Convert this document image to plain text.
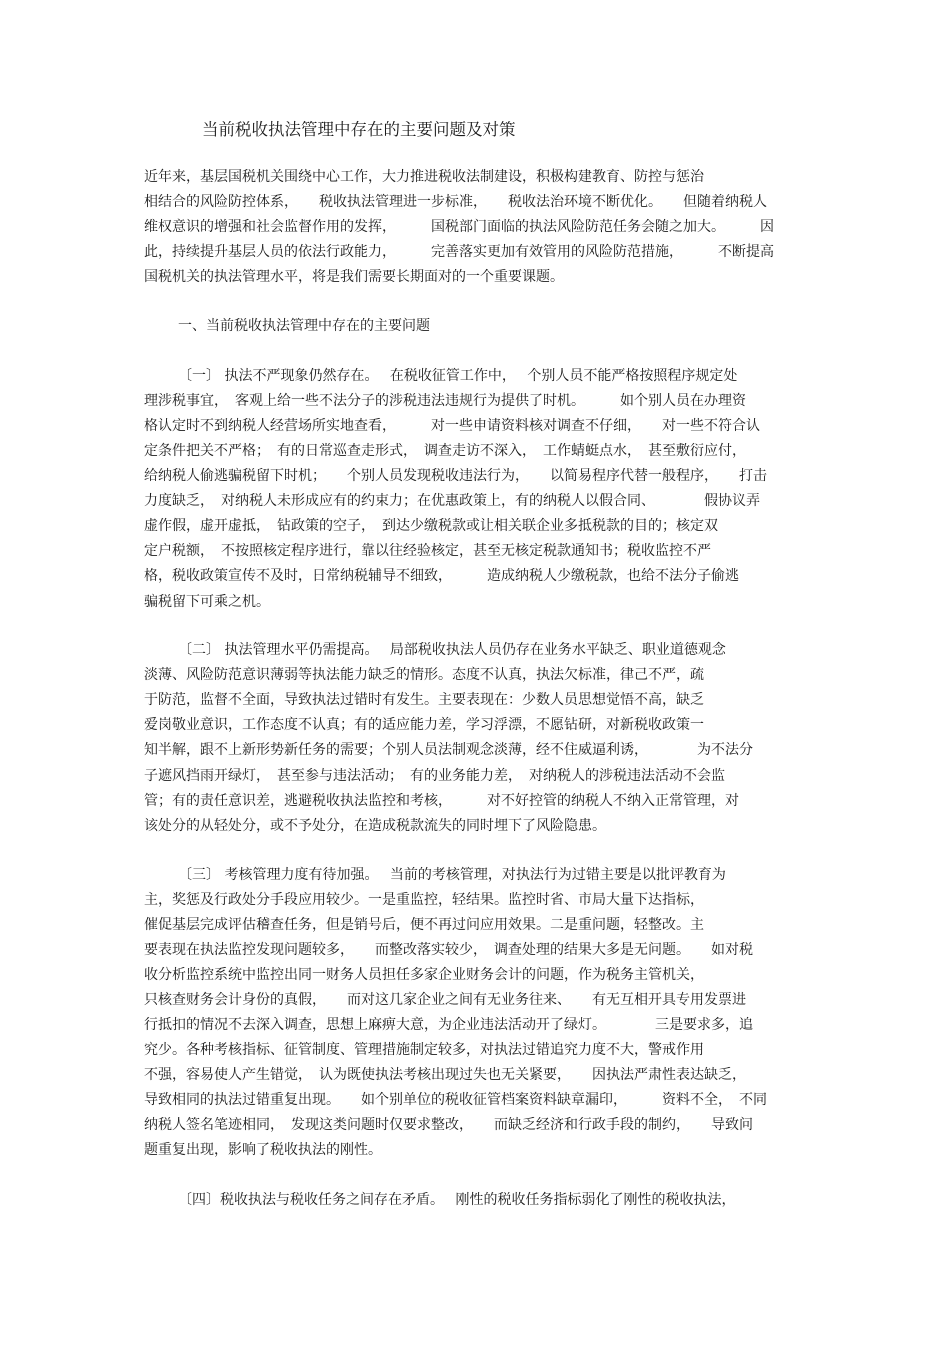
当前税收执法管理中存在的主要问题及对策
近年来，基层国税机关围绕中心工作，大力推进税收法制建设，积极构建教育、防控与惩治
相结合的风险防控体系，　　税收执法管理进一步标准，　　税收法治环境不断优化。　　但随着纳税人
维权意识的增强和社会监督作用的发挥，　　　国税部门面临的执法风险防范任务会随之加大。　　　因
此，持续提升基层人员的依法行政能力，　　　完善落实更加有效管用的风险防范措施，　　　不断提高
国税机关的执法管理水平，将是我们需要长期面对的一个重要课题。
一、当前税收执法管理中存在的主要问题
〔一〕 执法不严现象仍然存在。　 在税收征管工作中，　 个别人员不能严格按照程序规定处
理涉税事宜，　客观上给一些不法分子的涉税违法违规行为提供了时机。　　　如个别人员在办理资
格认定时不到纳税人经营场所实地查看，　　　对一些申请资料核对调查不仔细，　　对一些不符合认
定条件把关不严格；　有的日常巡查走形式，　调查走访不深入，　工作蜻蜓点水，　甚至敷衍应付，
给纳税人偷逃骗税留下时机；　　个别人员发现税收违法行为，　　以简易程序代替一般程序，　　打击
力度缺乏，　对纳税人未形成应有的约束力；在优惠政策上，有的纳税人以假合同、　　　　假协议弄
虚作假，虚开虚抵，　钻政策的空子，　到达少缴税款或让相关联企业多抵税款的目的；核定双
定户税额，　不按照核定程序进行，靠以往经验核定，甚至无核定税款通知书；税收监控不严
格，税收政策宣传不及时，日常纳税辅导不细致，　　　造成纳税人少缴税款，也给不法分子偷逃
骗税留下可乘之机。
〔二〕 执法管理水平仍需提高。　 局部税收执法人员仍存在业务水平缺乏、职业道德观念
淡薄、风险防范意识薄弱等执法能力缺乏的情形。态度不认真，执法欠标准，律己不严，疏
于防范，监督不全面，导致执法过错时有发生。主要表现在：少数人员思想觉悟不高，缺乏
爱岗敬业意识，工作态度不认真；有的适应能力差，学习浮漂，不愿钻研，对新税收政策一
知半解，跟不上新形势新任务的需要；个别人员法制观念淡薄，经不住威逼利诱，　　　　为不法分
子遮风挡雨开绿灯，　甚至参与违法活动；　有的业务能力差，　对纳税人的涉税违法活动不会监
管；有的责任意识差，逃避税收执法监控和考核，　　　对不好控管的纳税人不纳入正常管理，对
该处分的从轻处分，或不予处分，在造成税款流失的同时埋下了风险隐患。
〔三〕 考核管理力度有待加强。　 当前的考核管理，对执法行为过错主要是以批评教育为
主，奖惩及行政处分手段应用较少。一是重监控，轻结果。监控时省、市局大量下达指标，
催促基层完成评估稽查任务，但是销号后，便不再过问应用效果。二是重问题，轻整改。主
要表现在执法监控发现问题较多，　　而整改落实较少，　调查处理的结果大多是无问题。　　如对税
收分析监控系统中监控出同一财务人员担任多家企业财务会计的问题，作为税务主管机关，
只核查财务会计身份的真假，　　而对这几家企业之间有无业务往来、　　有无互相开具专用发票进
行抵扣的情况不去深入调查，思想上麻痹大意，为企业违法活动开了绿灯。　　　　三是要求多，追
究少。各种考核指标、征管制度、管理措施制定较多，对执法过错追究力度不大，警戒作用
不强，容易使人产生错觉，　认为既使执法考核出现过失也无关紧要，　　因执法严肃性表达缺乏，
导致相同的执法过错重复出现。　　如个别单位的税收征管档案资料缺章漏印，　　　资料不全，　不同
纳税人签名笔迹相同，　发现这类问题时仅要求整改，　　而缺乏经济和行政手段的制约，　　导致问
题重复出现，影响了税收执法的刚性。
〔四〕税收执法与税收任务之间存在矛盾。　 刚性的税收任务指标弱化了刚性的税收执法，
